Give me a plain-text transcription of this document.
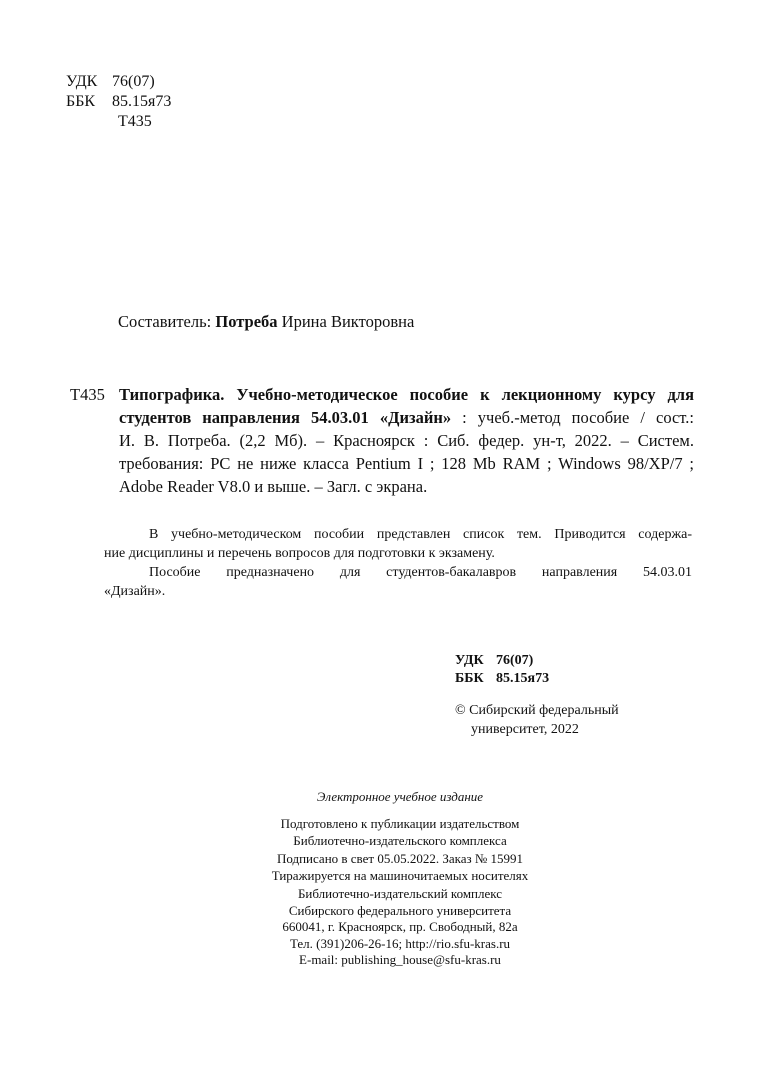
УДК 76(07)
ББК 85.15я73
Т435
Составитель: Потреба Ирина Викторовна
Т435 Типографика. Учебно-методическое пособие к лекционному курсу для
студентов направления 54.03.01 «Дизайн» : учеб.-метод пособие / сост.:
И. В. Потреба. (2,2 Мб). – Красноярск : Сиб. федер. ун-т, 2022. – Систем.
требования: PC не ниже класса Pentium I ; 128 Mb RAM ; Windows 98/XP/7 ;
Adobe Reader V8.0 и выше. – Загл. с экрана.
В учебно-методическом пособии представлен список тем. Приводится содержа-
ние дисциплины и перечень вопросов для подготовки к экзамену.
Пособие предназначено для студентов-бакалавров направления 54.03.01
«Дизайн».
УДК 76(07)
ББК 85.15я73
© Сибирский федеральный
университет, 2022
Электронное учебное издание
Подготовлено к публикации издательством
Библиотечно-издательского комплекса
Подписано в свет 05.05.2022. Заказ № 15991
Тиражируется на машиночитаемых носителях
Библиотечно-издательский комплекс
Сибирского федерального университета
660041, г. Красноярск, пр. Свободный, 82а
Тел. (391)206-26-16; http://rio.sfu-kras.ru
E-mail: publishing_house@sfu-kras.ru
